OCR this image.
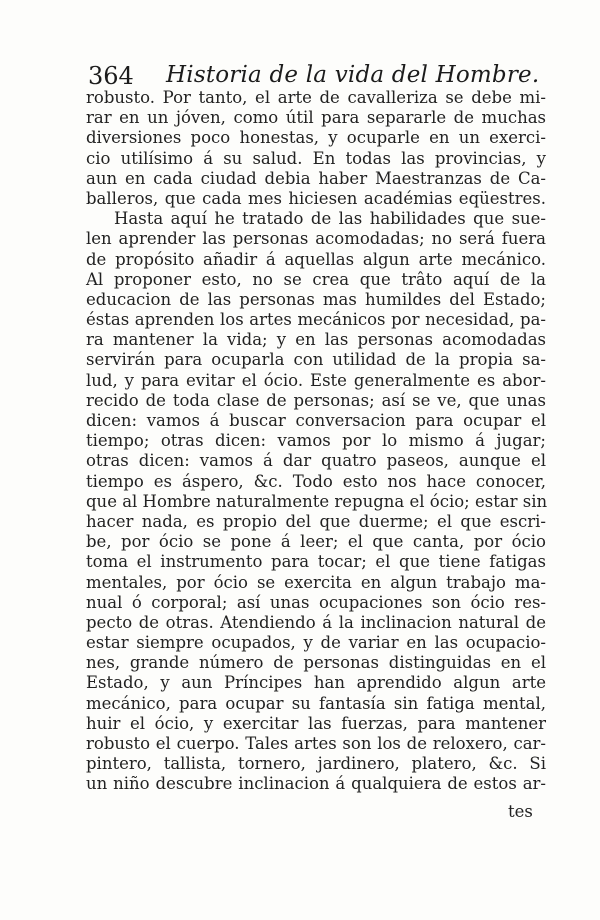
364 Historia de la vida del Hombre.
robusto. Por tanto, el arte de cavalleriza se debe mi-
rar en un jóven, como útil para separarle de muchas
diversiones poco honestas, y ocuparle en un exerci-
cio utilísimo á su salud. En todas las provincias, y
aun en cada ciudad debia haber Maestranzas de Ca-
balleros, que cada mes hiciesen académias eqüestres.
Hasta aquí he tratado de las habilidades que sue-
len aprender las personas acomodadas; no será fuera
de propósito añadir á aquellas algun arte mecánico.
Al proponer esto, no se crea que trâto aquí de la
educacion de las personas mas humildes del Estado;
éstas aprenden los artes mecánicos por necesidad, pa-
ra mantener la vida; y en las personas acomodadas
servirán para ocuparla con utilidad de la propia sa-
lud, y para evitar el ócio. Este generalmente es abor-
recido de toda clase de personas; así se ve, que unas
dicen: vamos á buscar conversacion para ocupar el
tiempo; otras dicen: vamos por lo mismo á jugar;
otras dicen: vamos á dar quatro paseos, aunque el
tiempo es áspero, &c. Todo esto nos hace conocer,
que al Hombre naturalmente repugna el ócio; estar sin
hacer nada, es propio del que duerme; el que escri-
be, por ócio se pone á leer; el que canta, por ócio
toma el instrumento para tocar; el que tiene fatigas
mentales, por ócio se exercita en algun trabajo ma-
nual ó corporal; así unas ocupaciones son ócio res-
pecto de otras. Atendiendo á la inclinacion natural de
estar siempre ocupados, y de variar en las ocupacio-
nes, grande número de personas distinguidas en el
Estado, y aun Príncipes han aprendido algun arte
mecánico, para ocupar su fantasía sin fatiga mental,
huir el ócio, y exercitar las fuerzas, para mantener
robusto el cuerpo. Tales artes son los de reloxero, car-
pintero, tallista, tornero, jardinero, platero, &c. Si
un niño descubre inclinacion á qualquiera de estos ar-
tes
